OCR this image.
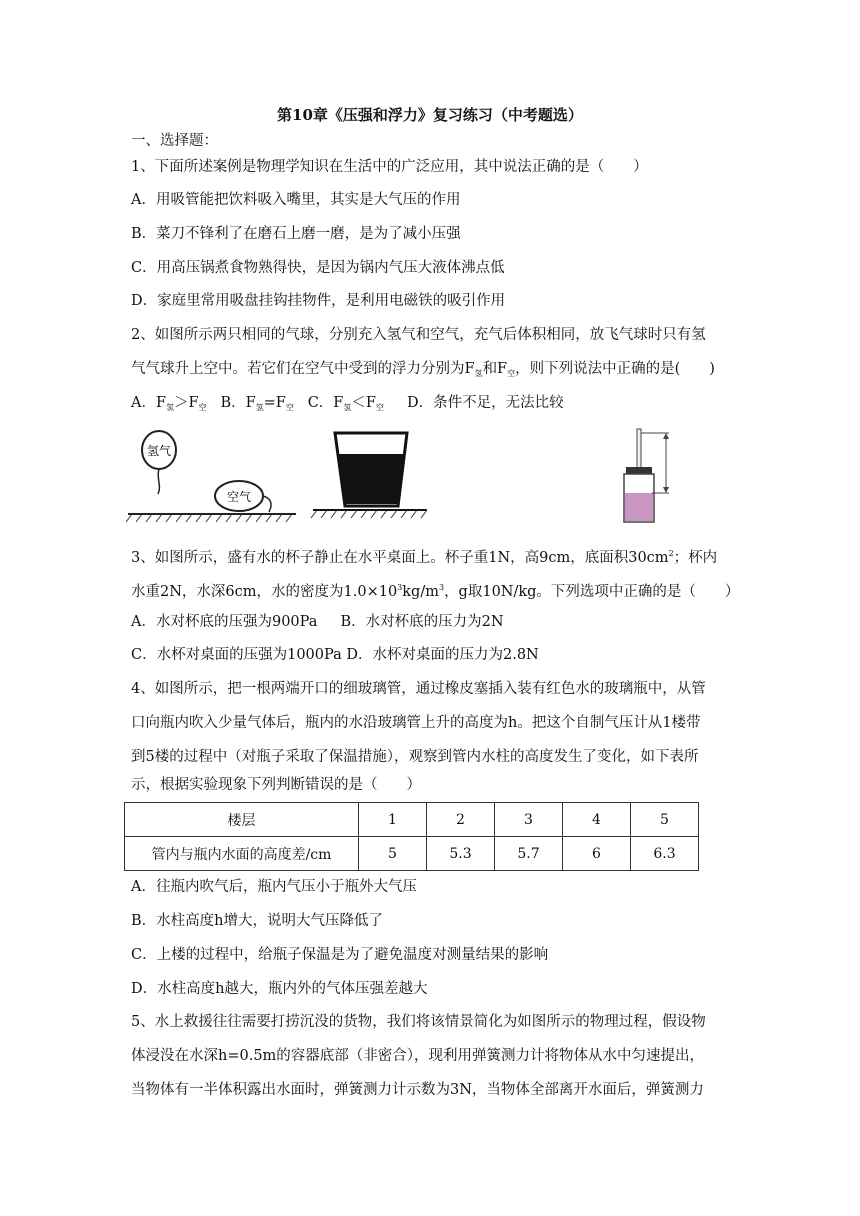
第10章《压强和浮力》复习练习（中考题选）
一、选择题：
1、下面所述案例是物理学知识在生活中的广泛应用，其中说法正确的是（　　）
A．用吸管能把饮料吸入嘴里，其实是大气压的作用
B．菜刀不锋利了在磨石上磨一磨，是为了减小压强
C．用高压锅煮食物熟得快，是因为锅内气压大液体沸点低
D．家庭里常用吸盘挂钩挂物件，是利用电磁铁的吸引作用
2、如图所示两只相同的气球，分别充入氢气和空气，充气后体积相同，放飞气球时只有氢
气气球升上空中。若它们在空气中受到的浮力分别为$F_氢$和$F_空$，则下列说法中正确的是(　　)
A．$F_氢>F_空$ B．$F_氢=F_空$ C．$F_氢<F_空$ D．条件不足，无法比较
氢气
空气
3、如图所示，盛有水的杯子静止在水平桌面上。杯子重1N，高9cm，底面积$30cm^2$；杯内
水重2N，水深6cm，水的密度为$1.0\times 10^3kg/m^3$，g取10N/kg。下列选项中正确的是（　　）
A．水对杯底的压强为900Pa B．水对杯底的压力为2N
C．水杯对桌面的压强为1000Pa D．水杯对桌面的压力为2.8N
4、如图所示，把一根两端开口的细玻璃管，通过橡皮塞插入装有红色水的玻璃瓶中，从管
口向瓶内吹入少量气体后，瓶内的水沿玻璃管上升的高度为h。把这个自制气压计从1楼带
到5楼的过程中（对瓶子采取了保温措施），观察到管内水柱的高度发生了变化，如下表所
示，根据实验现象下列判断错误的是（　　）
楼层	1	2	3	4	5
管内与瓶内水面的高度差/cm	5	5.3	5.7	6	6.3
A．往瓶内吹气后，瓶内气压小于瓶外大气压
B．水柱高度h增大，说明大气压降低了
C．上楼的过程中，给瓶子保温是为了避免温度对测量结果的影响
D．水柱高度h越大，瓶内外的气体压强差越大
5、水上救援往往需要打捞沉没的货物，我们将该情景简化为如图所示的物理过程，假设物
体浸没在水深h=0.5m的容器底部（非密合），现利用弹簧测力计将物体从水中匀速提出，
当物体有一半体积露出水面时，弹簧测力计示数为3N，当物体全部离开水面后，弹簧测力
